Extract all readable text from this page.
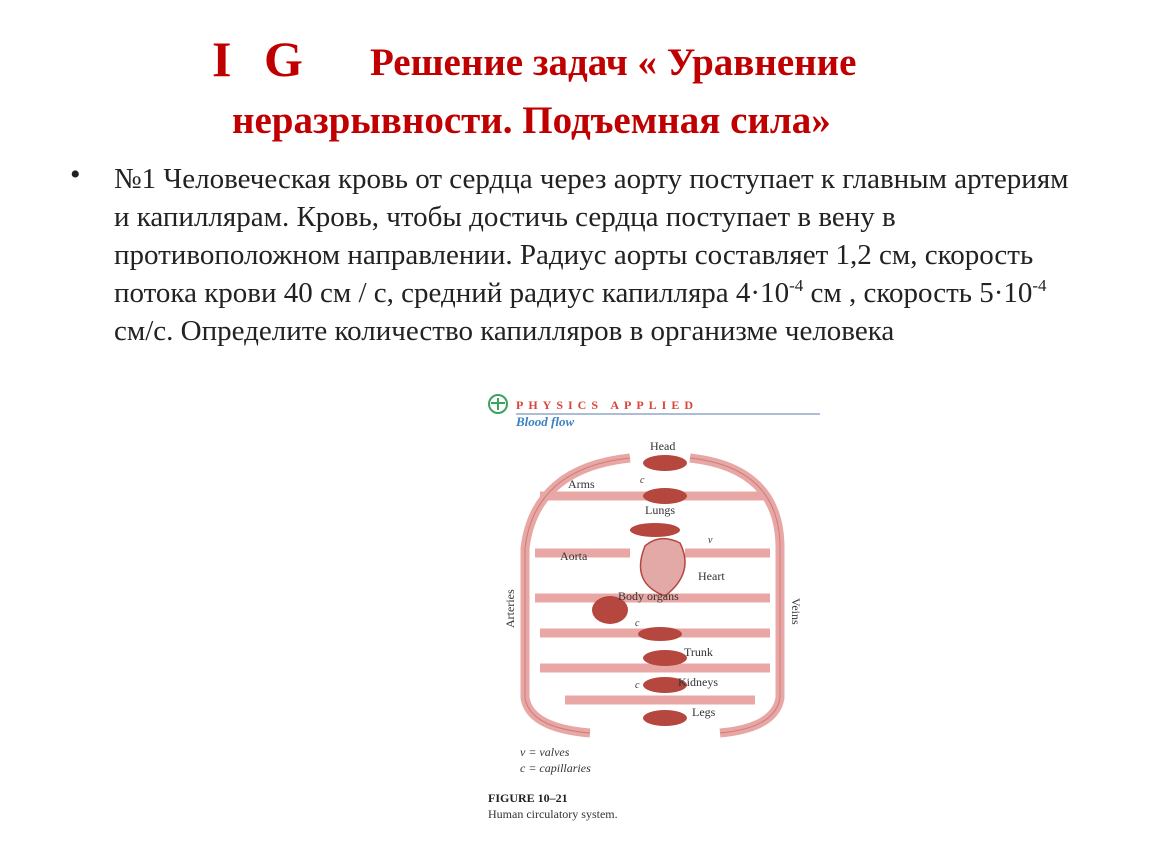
I G Решение задач « Уравнение
неразрывности. Подъемная сила»
• №1 Человеческая кровь от сердца через аорту поступает к главным артериям и капиллярам. Кровь, чтобы достичь сердца поступает в вену в противоположном направлении. Радиус аорты составляет 1,2 см, скорость потока крови 40 см / с, средний радиус капилляра $4\cdot 10^{-4}$ см , скорость $5\cdot 10^{-4}$ см/с. Определите количество капилляров в организме человека
PHYSICS APPLIED
Blood flow
Head
Arms
Lungs
Aorta
Heart
Body organs
Trunk
Kidneys
Legs
Arteries	Veins
c
c
c
v
v = valves
c = capillaries
FIGURE 10–21
Human circulatory system.
